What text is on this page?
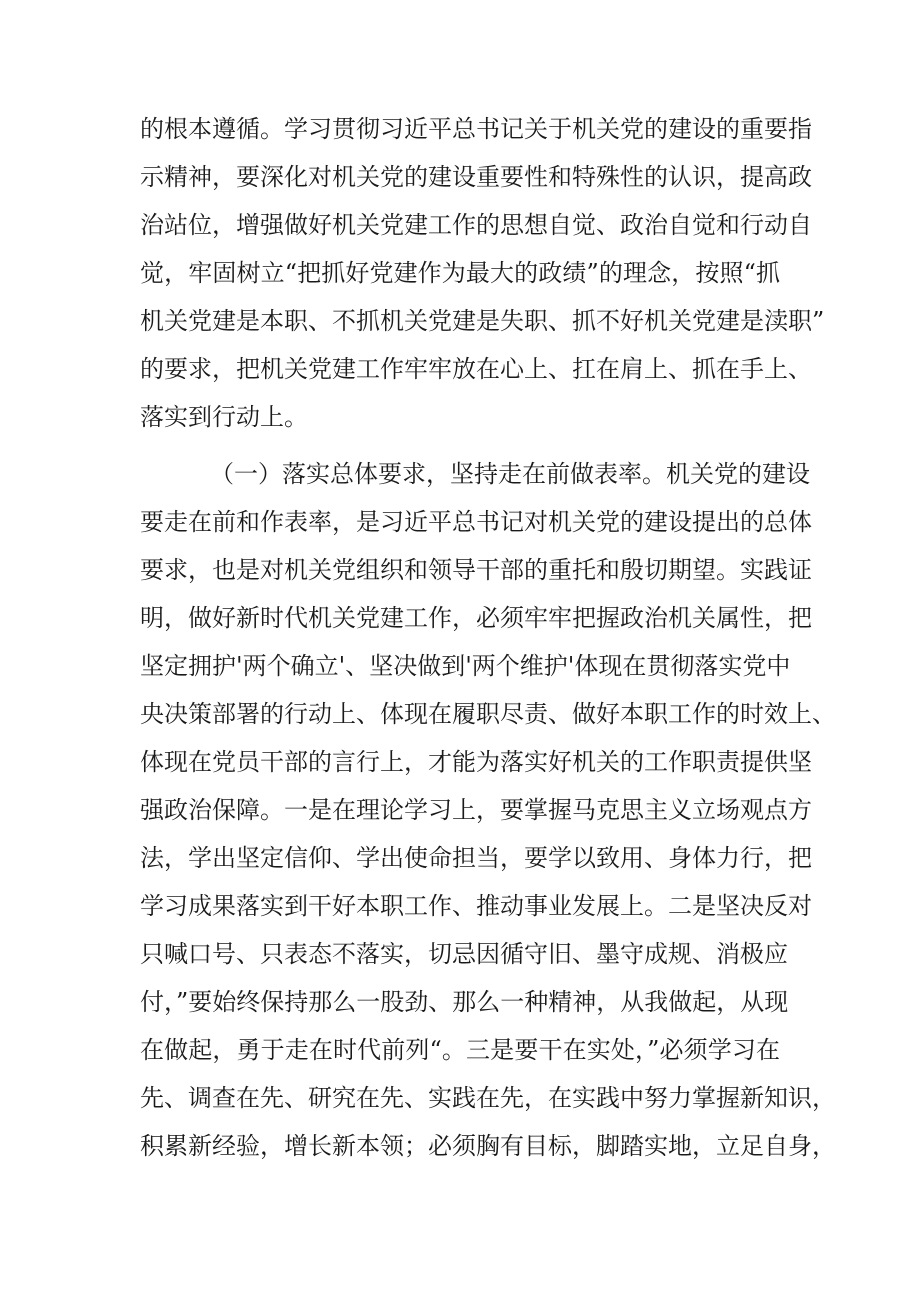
的根本遵循。学习贯彻习近平总书记关于机关党的建设的重要指
示精神，要深化对机关党的建设重要性和特殊性的认识，提高政
治站位，增强做好机关党建工作的思想自觉、政治自觉和行动自
觉，牢固树立“把抓好党建作为最大的政绩”的理念，按照“抓
机关党建是本职、不抓机关党建是失职、抓不好机关党建是渎职”
的要求，把机关党建工作牢牢放在心上、扛在肩上、抓在手上、
落实到行动上。
（一）落实总体要求，坚持走在前做表率。机关党的建设
要走在前和作表率，是习近平总书记对机关党的建设提出的总体
要求，也是对机关党组织和领导干部的重托和殷切期望。实践证
明，做好新时代机关党建工作，必须牢牢把握政治机关属性，把
坚定拥护'两个确立'、坚决做到'两个维护'体现在贯彻落实党中
央决策部署的行动上、体现在履职尽责、做好本职工作的时效上、
体现在党员干部的言行上，才能为落实好机关的工作职责提供坚
强政治保障。一是在理论学习上，要掌握马克思主义立场观点方
法，学出坚定信仰、学出使命担当，要学以致用、身体力行，把
学习成果落实到干好本职工作、推动事业发展上。二是坚决反对
只喊口号、只表态不落实，切忌因循守旧、墨守成规、消极应
付，”要始终保持那么一股劲、那么一种精神，从我做起，从现
在做起，勇于走在时代前列“。三是要干在实处，”必须学习在
先、调查在先、研究在先、实践在先，在实践中努力掌握新知识，
积累新经验，增长新本领；必须胸有目标，脚踏实地，立足自身，
